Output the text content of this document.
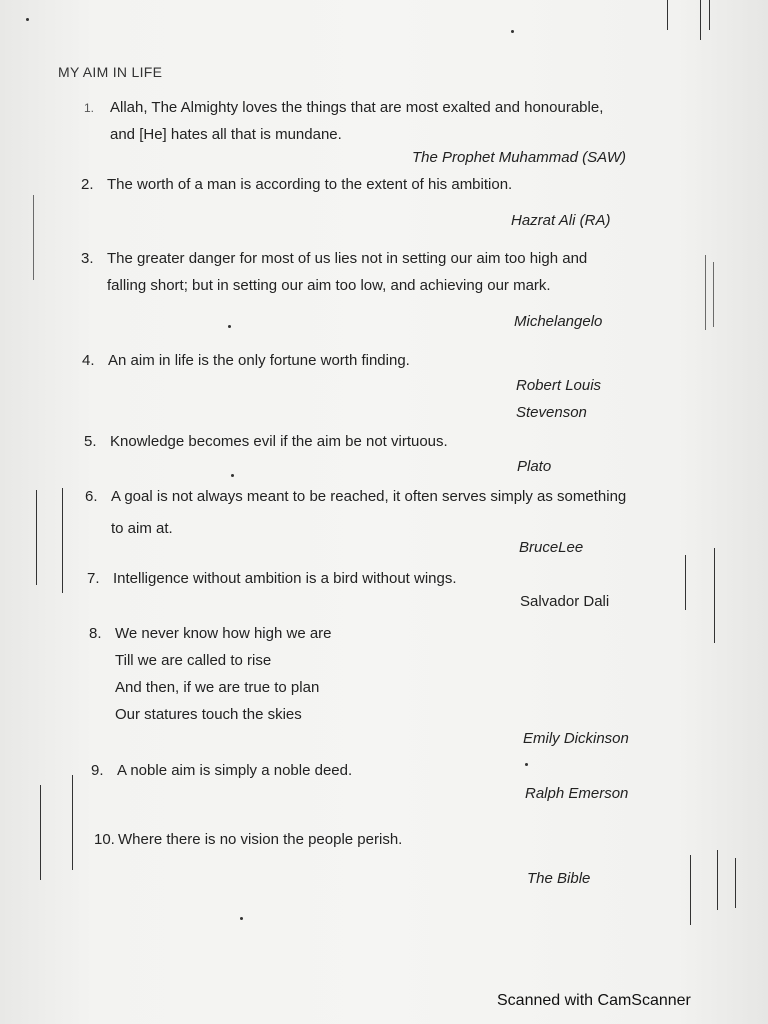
MY AIM IN LIFE
1. Allah, The Almighty loves the things that are most exalted and honourable,
and [He] hates all that is mundane.
The Prophet Muhammad (SAW)
2. The worth of a man is according to the extent of his ambition.
Hazrat Ali (RA)
3. The greater danger for most of us lies not in setting our aim too high and
falling short; but in setting our aim too low, and achieving our mark.
Michelangelo
4. An aim in life is the only fortune worth finding.
Robert Louis
Stevenson
5. Knowledge becomes evil if the aim be not virtuous.
Plato
6. A goal is not always meant to be reached, it often serves simply as something
to aim at.
BruceLee
7. Intelligence without ambition is a bird without wings.
Salvador Dali
8. We never know how high we are
Till we are called to rise
And then, if we are true to plan
Our statures touch the skies
Emily Dickinson
9. A noble aim is simply a noble deed.
Ralph Emerson
10. Where there is no vision the people perish.
The Bible
Scanned with CamScanner
